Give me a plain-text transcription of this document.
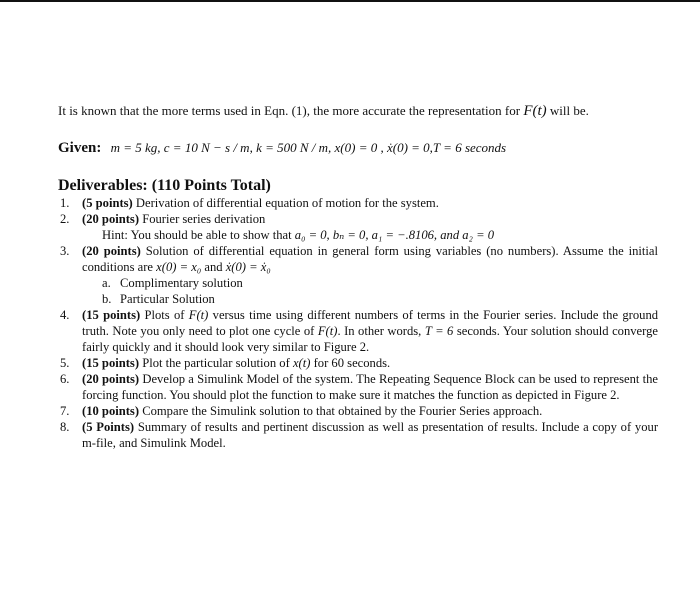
It is known that the more terms used in Eqn. (1), the more accurate the representation for F(t) will be.
Given: m = 5 kg, c = 10 N − s / m, k = 500 N / m, x(0) = 0 , ẋ(0) = 0,T = 6 seconds
Deliverables: (110 Points Total)
1. (5 points) Derivation of differential equation of motion for the system.
2. (20 points) Fourier series derivation
Hint: You should be able to show that a₀ = 0, bₙ = 0, a₁ = −.8106, and a₂ = 0
3. (20 points) Solution of differential equation in general form using variables (no numbers). Assume the initial conditions are x(0) = x₀ and ẋ(0) = ẋ₀
a. Complimentary solution
b. Particular Solution
4. (15 points) Plots of F(t) versus time using different numbers of terms in the Fourier series. Include the ground truth. Note you only need to plot one cycle of F(t). In other words, T = 6 seconds. Your solution should converge fairly quickly and it should look very similar to Figure 2.
5. (15 points) Plot the particular solution of x(t) for 60 seconds.
6. (20 points) Develop a Simulink Model of the system. The Repeating Sequence Block can be used to represent the forcing function. You should plot the function to make sure it matches the function as depicted in Figure 2.
7. (10 points) Compare the Simulink solution to that obtained by the Fourier Series approach.
8. (5 Points) Summary of results and pertinent discussion as well as presentation of results. Include a copy of your m-file, and Simulink Model.
